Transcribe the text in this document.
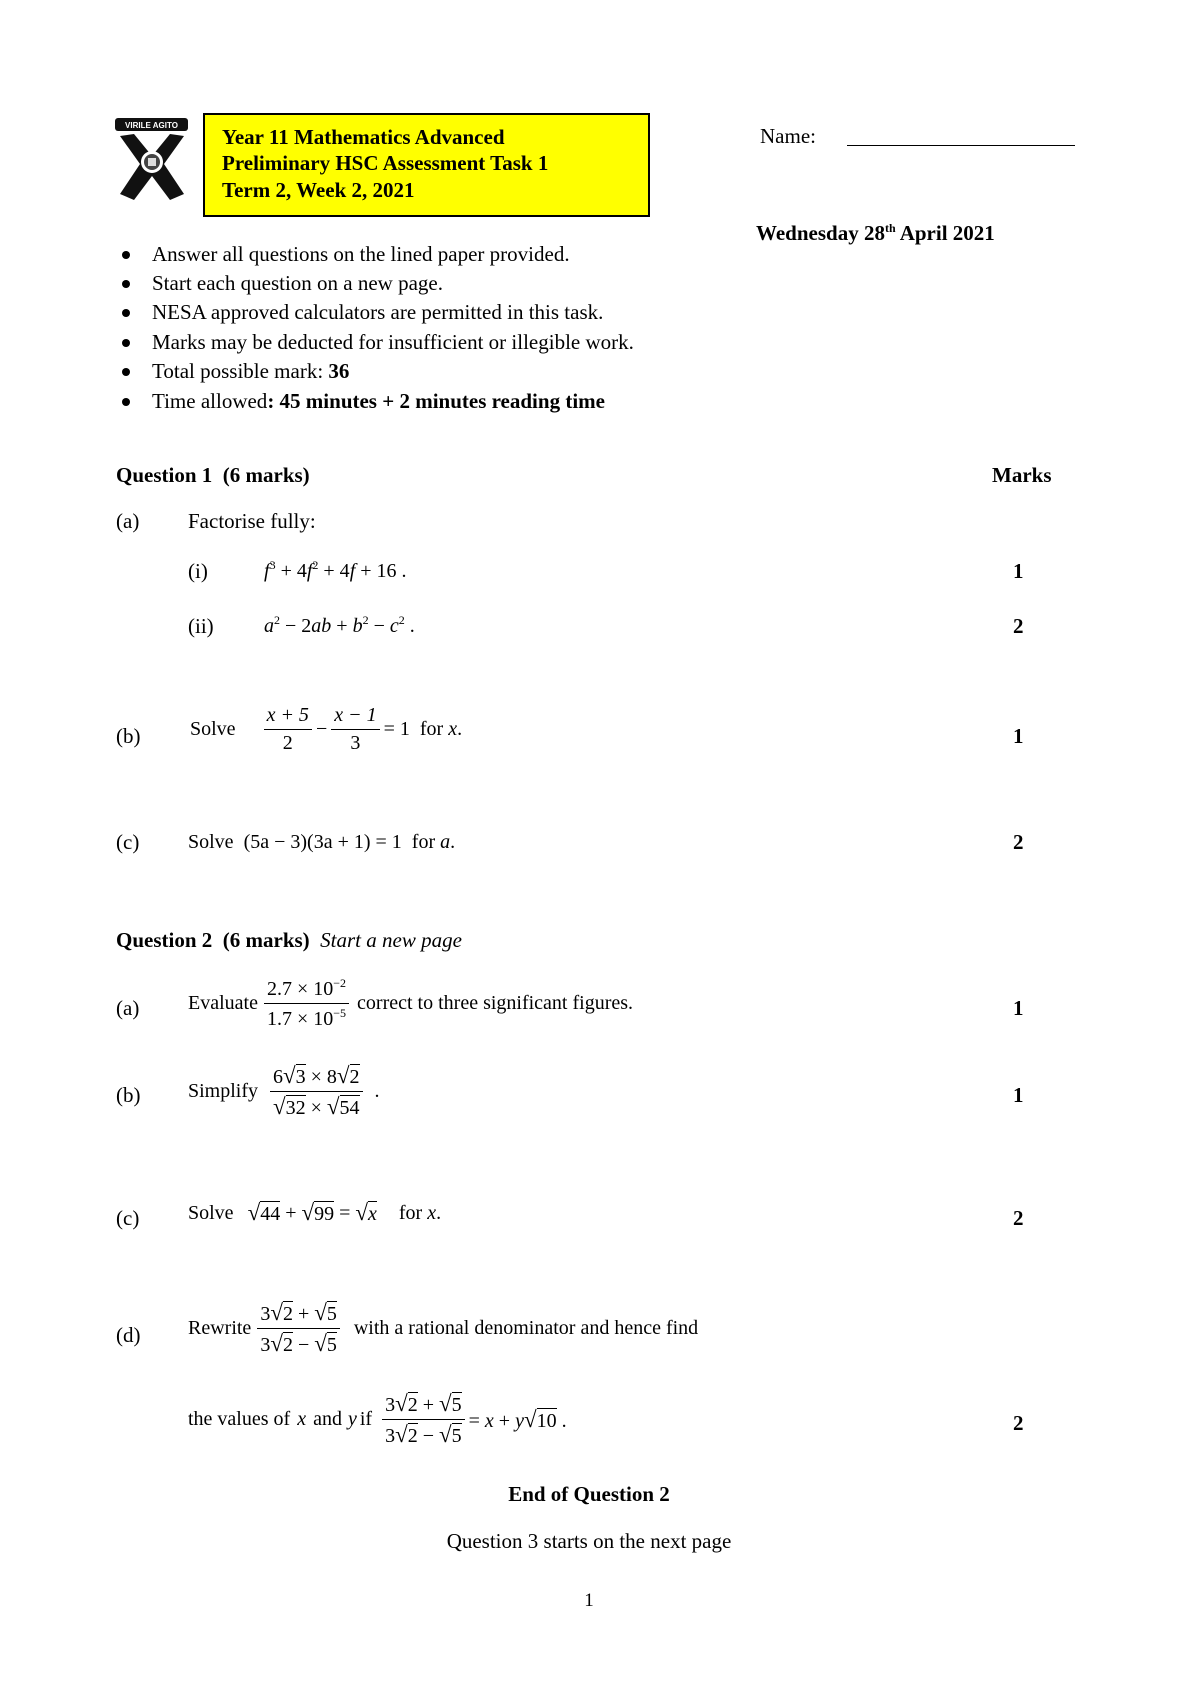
VIRILE AGITO Year 11 Mathematics Advanced
Preliminary HSC Assessment Task 1
Term 2, Week 2, 2021
Name:
Wednesday 28th April 2021
Answer all questions on the lined paper provided.
Start each question on a new page.
NESA approved calculators are permitted in this task.
Marks may be deducted for insufficient or illegible work.
Total possible mark: 36
Time allowed: 45 minutes + 2 minutes reading time
Question 1  (6 marks)	Marks
(a) Factorise fully:
(i)	$f^3 + 4f^2 + 4f + 16$ .	1
(ii)	$a^2 - 2ab + b^2 - c^2$ .	2
(b) Solve $\frac{x + 5}{2} - \frac{x - 1}{3} = 1$  for x .	1
(c) Solve (5a − 3)(3a + 1) = 1 for a.	2
Question 2  (6 marks) Start a new page
(a) Evaluate $\frac{2.7 \times 10^{-2}}{1.7 \times 10^{-5}}$ correct to three significant figures.	1
(b) Simplify $\frac{6√3 \times 8√2}{√32 \times √54}$ .	1
(c) Solve √44 + √99 = √x for x .	2
(d) Rewrite $\frac{3√2 + √5}{3√2 - √5}$ with a rational denominator and hence find
the values of x and y if $\frac{3√2 + √5}{3√2 - √5} = x + y√10$ .	2
End of Question 2
Question 3 starts on the next page
1
